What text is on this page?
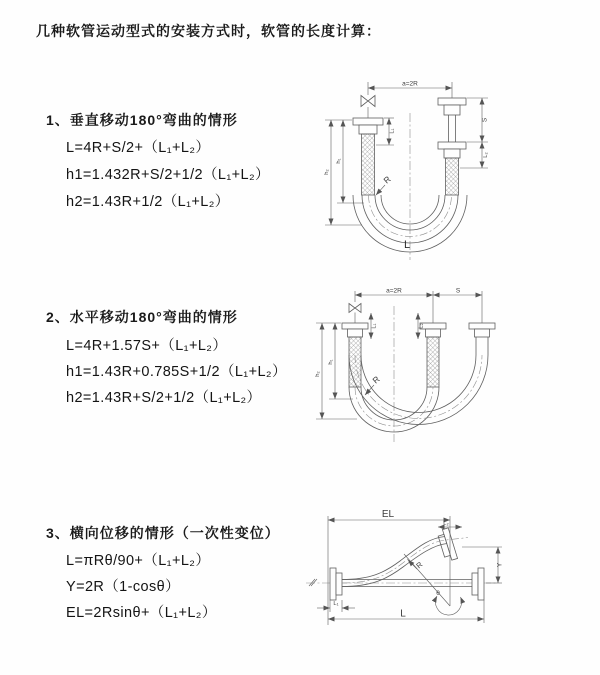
几种软管运动型式的安装方式时，软管的长度计算：
1、垂直移动180°弯曲的情形
L=4R+S/2+（L₁+L₂）
h1=1.432R+S/2+1/2（L₁+L₂）
h2=1.43R+1/2（L₁+L₂）
2、水平移动180°弯曲的情形
L=4R+1.57S+（L₁+L₂）
h1=1.43R+0.785S+1/2（L₁+L₂）
h2=1.43R+S/2+1/2（L₁+L₂）
3、横向位移的情形（一次性变位）
L=πRθ/90+（L₁+L₂）
Y=2R（1-cosθ）
EL=2Rsinθ+（L₁+L₂）
a=2R
S
L₂
L₁
h₁
h₂
R
L
a=2R	S
L₁	L₂
h₁
h₂	R
EL
L₂
Y
L
L₁
R
θ
